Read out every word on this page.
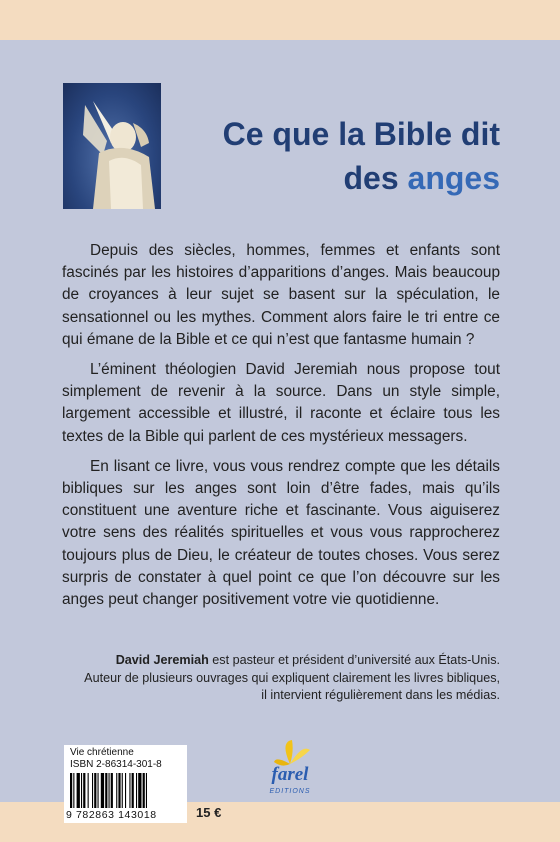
Ce que la Bible dit
des anges

Depuis des siècles, hommes, femmes et enfants sont fascinés par les histoires d’apparitions d’anges. Mais beaucoup de croyances à leur sujet se basent sur la spéculation, le sensationnel ou les mythes. Comment alors faire le tri entre ce qui émane de la Bible et ce qui n’est que fantasme humain ?

L’éminent théologien David Jeremiah nous propose tout simplement de revenir à la source. Dans un style simple, largement accessible et illustré, il raconte et éclaire tous les textes de la Bible qui parlent de ces mystérieux messagers.

En lisant ce livre, vous vous rendrez compte que les détails bibliques sur les anges sont loin d’être fades, mais qu’ils constituent une aventure riche et fascinante. Vous aiguiserez votre sens des réalités spirituelles et vous vous rapprocherez toujours plus de Dieu, le créateur de toutes choses. Vous serez surpris de constater à quel point ce que l’on découvre sur les anges peut changer positivement votre vie quotidienne.

David Jeremiah est pasteur et président d’université aux États-Unis.

Auteur de plusieurs ouvrages qui expliquent clairement les livres bibliques,

il intervient régulièrement dans les médias.

Vie chrétienne
ISBN 2-86314-301-8
9 782863 143018	15 €
farel
EDITIONS
